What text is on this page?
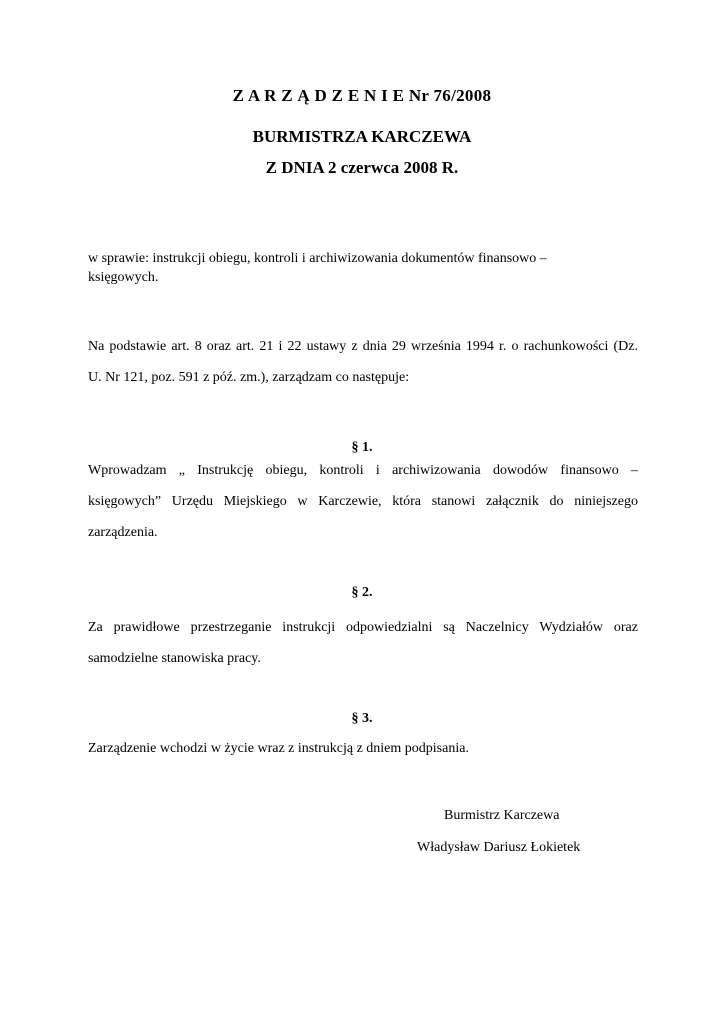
Z A R Z Ą D Z E N I E Nr 76/2008
BURMISTRZA KARCZEWA
Z DNIA 2 czerwca 2008 R.
w sprawie: instrukcji obiegu, kontroli i archiwizowania dokumentów finansowo –
księgowych.
Na podstawie art. 8 oraz art. 21 i 22 ustawy z dnia 29 września 1994 r. o rachunkowości (Dz.
U. Nr 121, poz. 591 z póź. zm.), zarządzam co następuje:
§ 1.
Wprowadzam „ Instrukcję obiegu, kontroli i archiwizowania dowodów finansowo –
księgowych” Urzędu Miejskiego w Karczewie, która stanowi załącznik do niniejszego
zarządzenia.
§ 2.
Za prawidłowe przestrzeganie instrukcji odpowiedzialni są Naczelnicy Wydziałów oraz
samodzielne stanowiska pracy.
§ 3.
Zarządzenie wchodzi w życie wraz z instrukcją z dniem podpisania.
Burmistrz Karczewa
Władysław Dariusz Łokietek
